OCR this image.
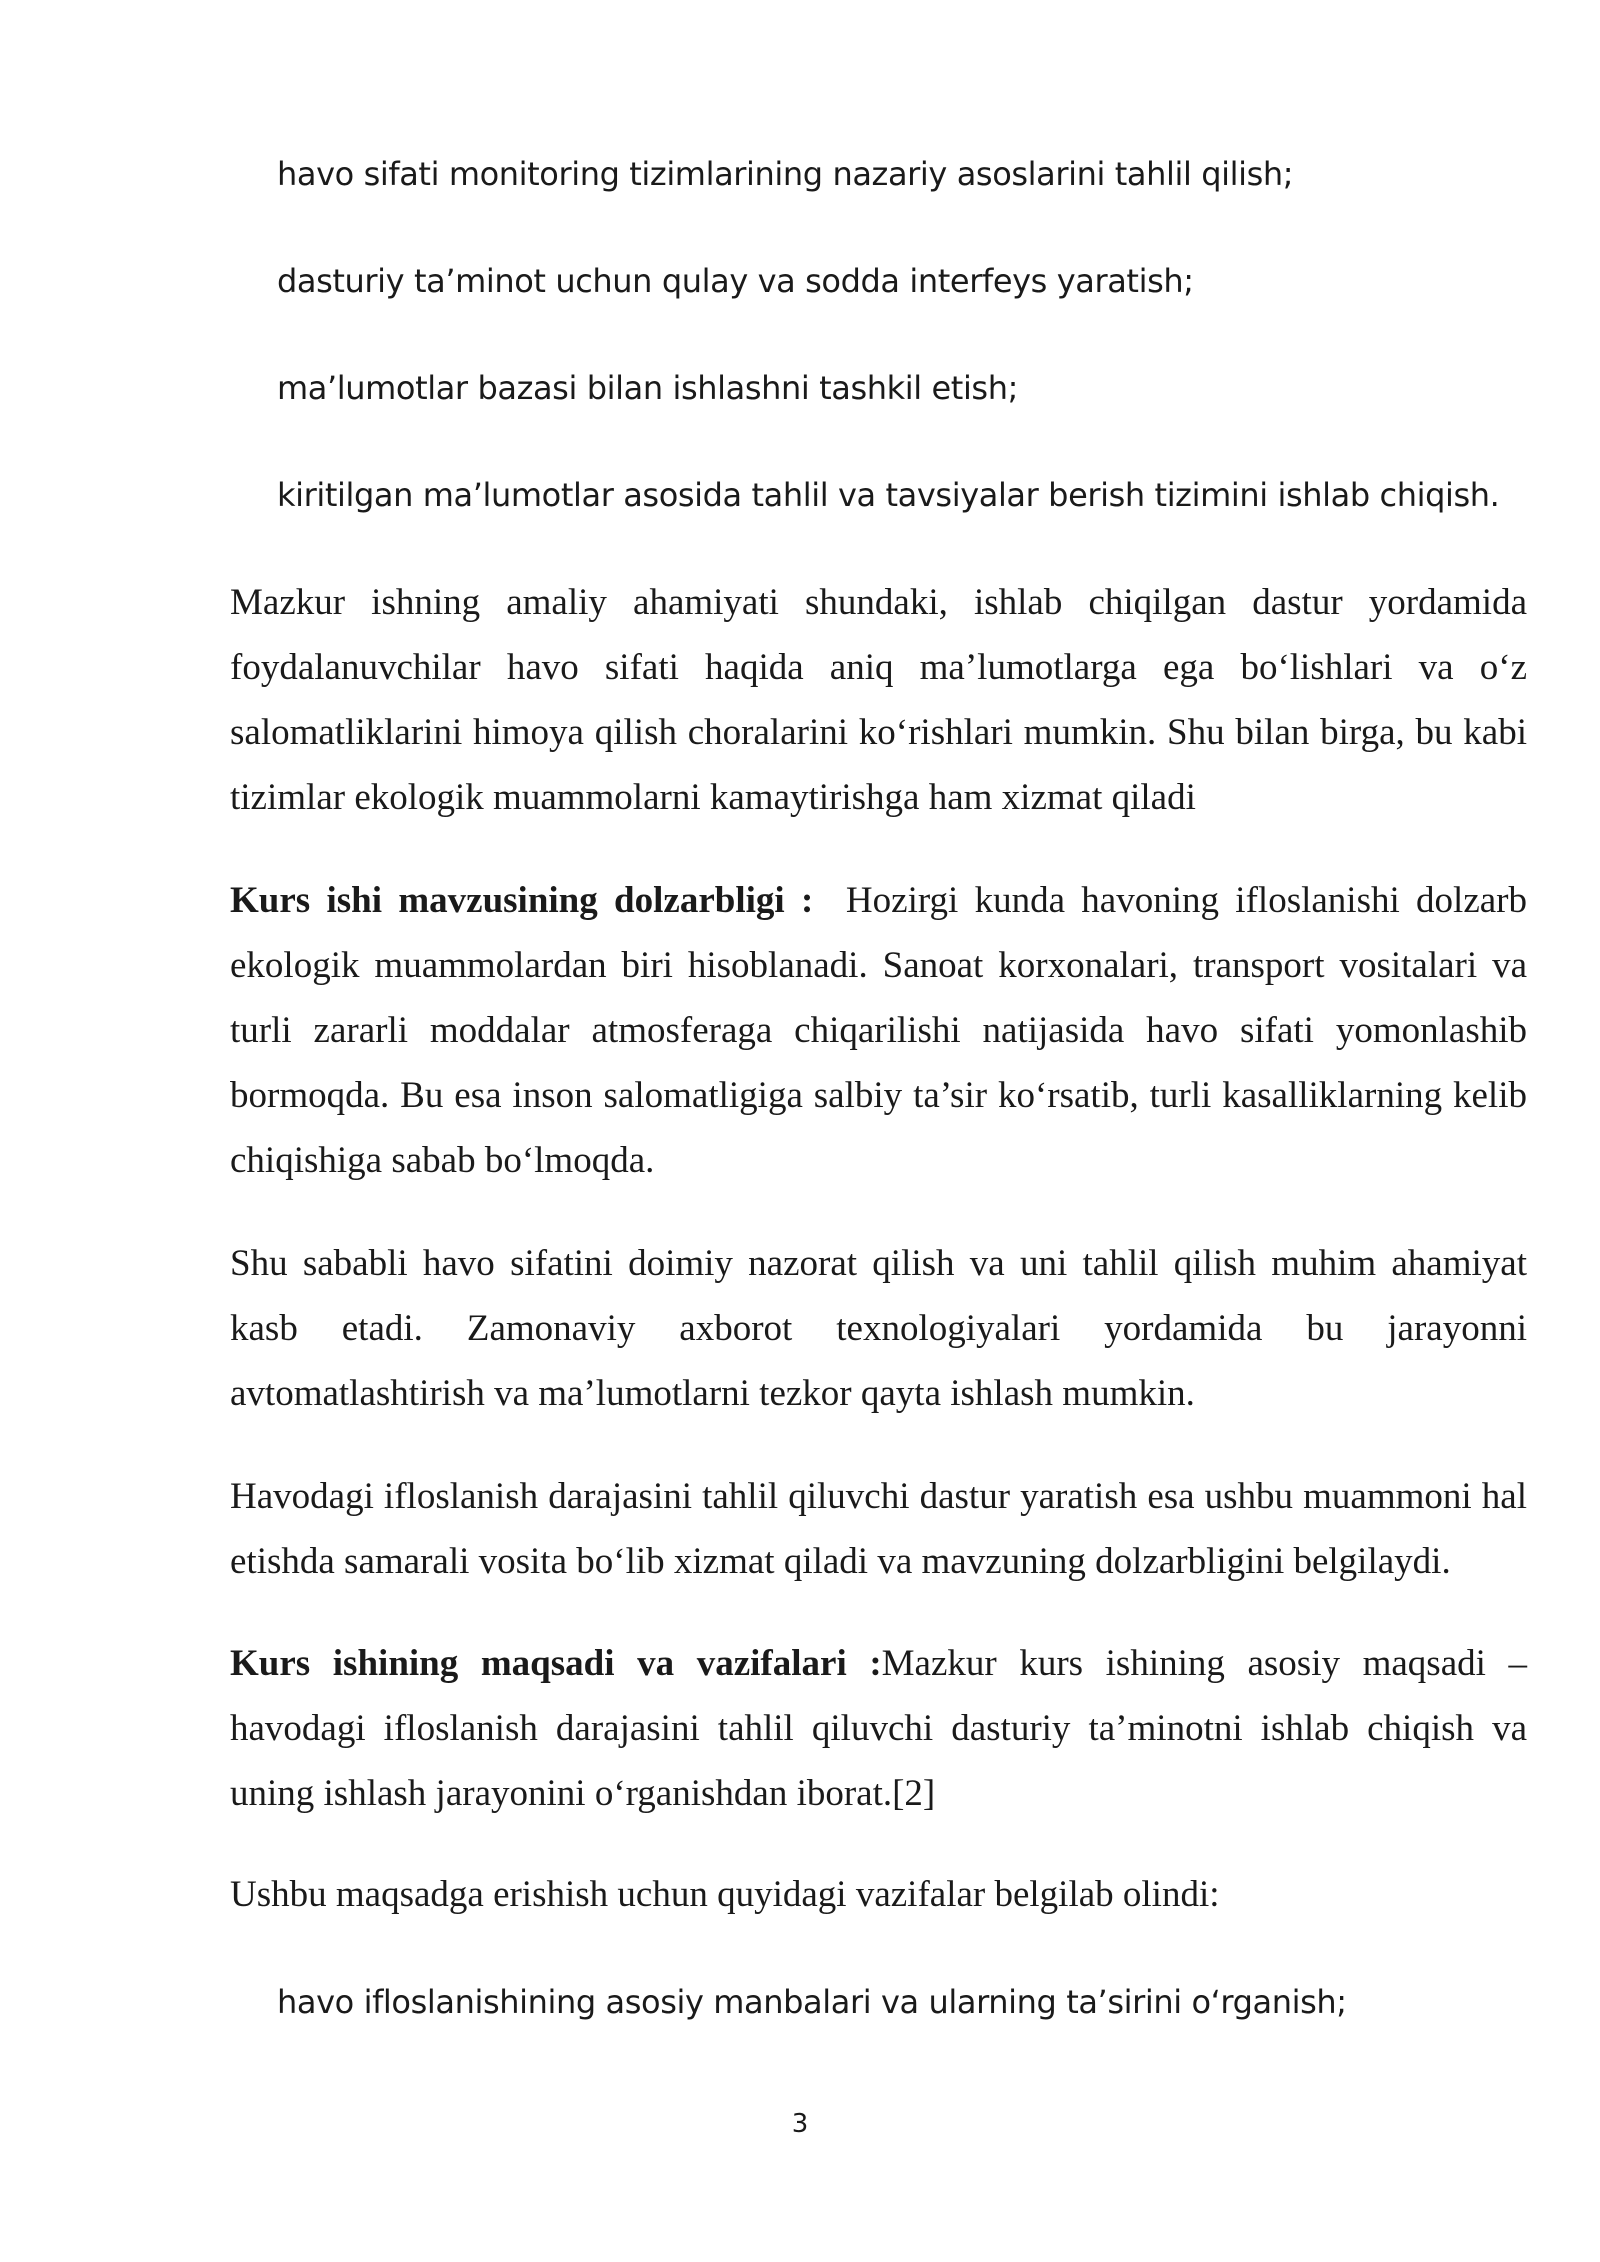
havo sifati monitoring tizimlarining nazariy asoslarini tahlil qilish;
dasturiy ta’minot uchun qulay va sodda interfeys yaratish;
ma’lumotlar bazasi bilan ishlashni tashkil etish;
kiritilgan ma’lumotlar asosida tahlil va tavsiyalar berish tizimini ishlab chiqish.

Mazkur ishning amaliy ahamiyati shundaki, ishlab chiqilgan dastur yordamida foydalanuvchilar havo sifati haqida aniq ma’lumotlarga ega bo‘lishlari va o‘z salomatliklarini himoya qilish choralarini ko‘rishlari mumkin. Shu bilan birga, bu kabi tizimlar ekologik muammolarni kamaytirishga ham xizmat qiladi

Kurs ishi mavzusining dolzarbligi : Hozirgi kunda havoning ifloslanishi dolzarb ekologik muammolardan biri hisoblanadi. Sanoat korxonalari, transport vositalari va turli zararli moddalar atmosferaga chiqarilishi natijasida havo sifati yomonlashib bormoqda. Bu esa inson salomatligiga salbiy ta’sir ko‘rsatib, turli kasalliklarning kelib chiqishiga sabab bo‘lmoqda.

Shu sababli havo sifatini doimiy nazorat qilish va uni tahlil qilish muhim ahamiyat kasb etadi. Zamonaviy axborot texnologiyalari yordamida bu jarayonni avtomatlashtirish va ma’lumotlarni tezkor qayta ishlash mumkin.

Havodagi ifloslanish darajasini tahlil qiluvchi dastur yaratish esa ushbu muammoni hal etishda samarali vosita bo‘lib xizmat qiladi va mavzuning dolzarbligini belgilaydi.

Kurs ishining maqsadi va vazifalari :Mazkur kurs ishining asosiy maqsadi – havodagi ifloslanish darajasini tahlil qiluvchi dasturiy ta’minotni ishlab chiqish va uning ishlash jarayonini o‘rganishdan iborat.[2]

Ushbu maqsadga erishish uchun quyidagi vazifalar belgilab olindi:

havo ifloslanishining asosiy manbalari va ularning ta’sirini o‘rganish;
3
